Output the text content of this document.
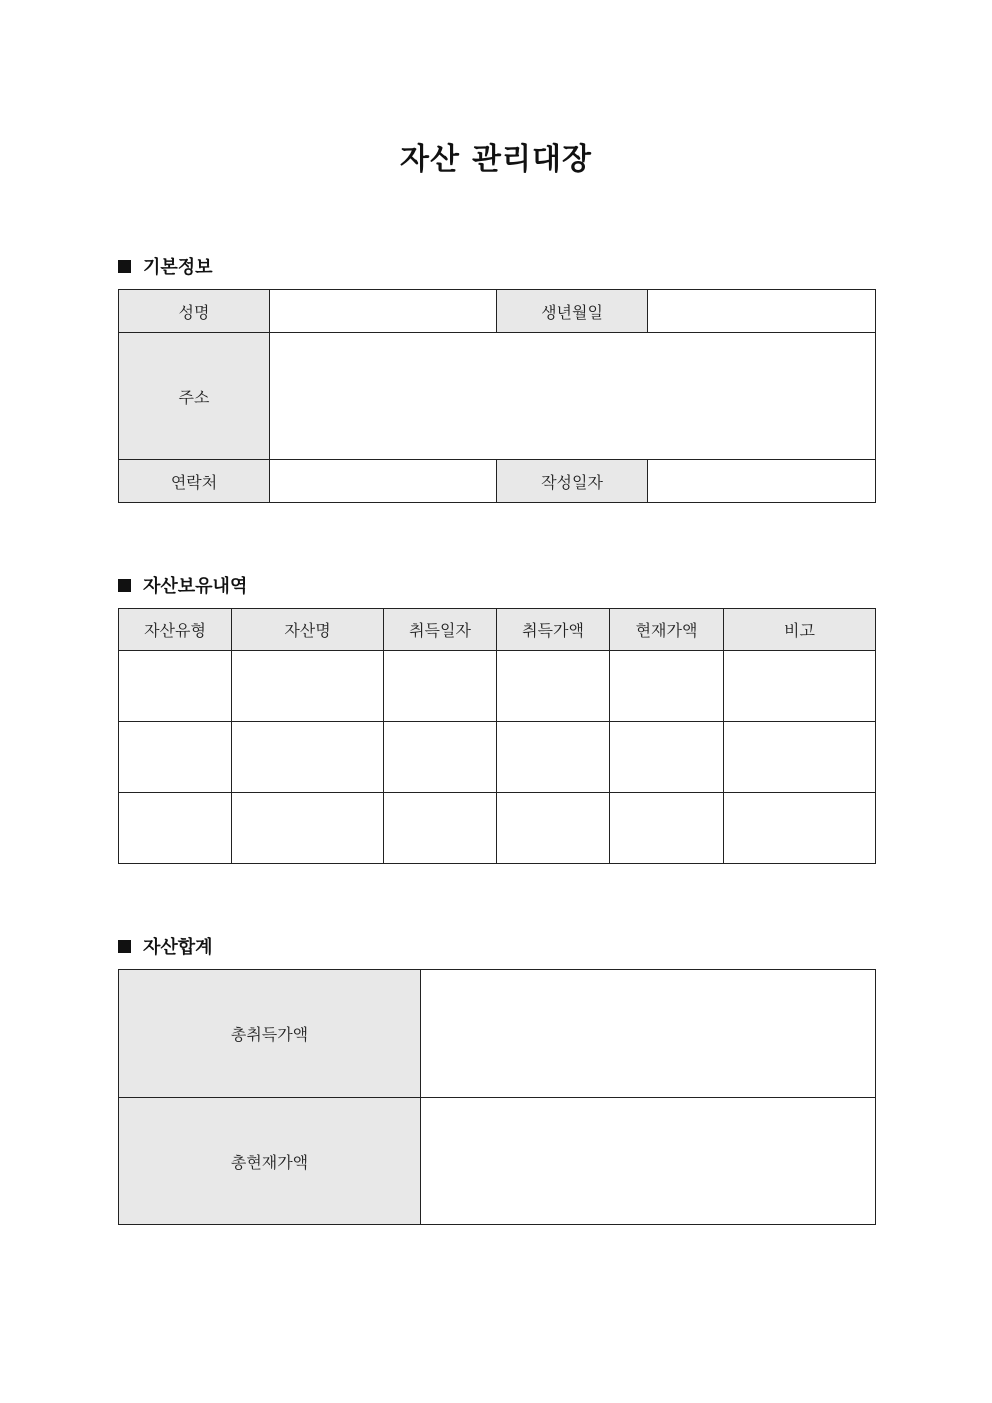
자산 관리대장
기본정보
성명		생년월일	
주소			
연락처		작성일자	
자산보유내역
자산유형	자산명	취득일자	취득가액	현재가액	비고

자산합계
총취득가액	
총현재가액	
